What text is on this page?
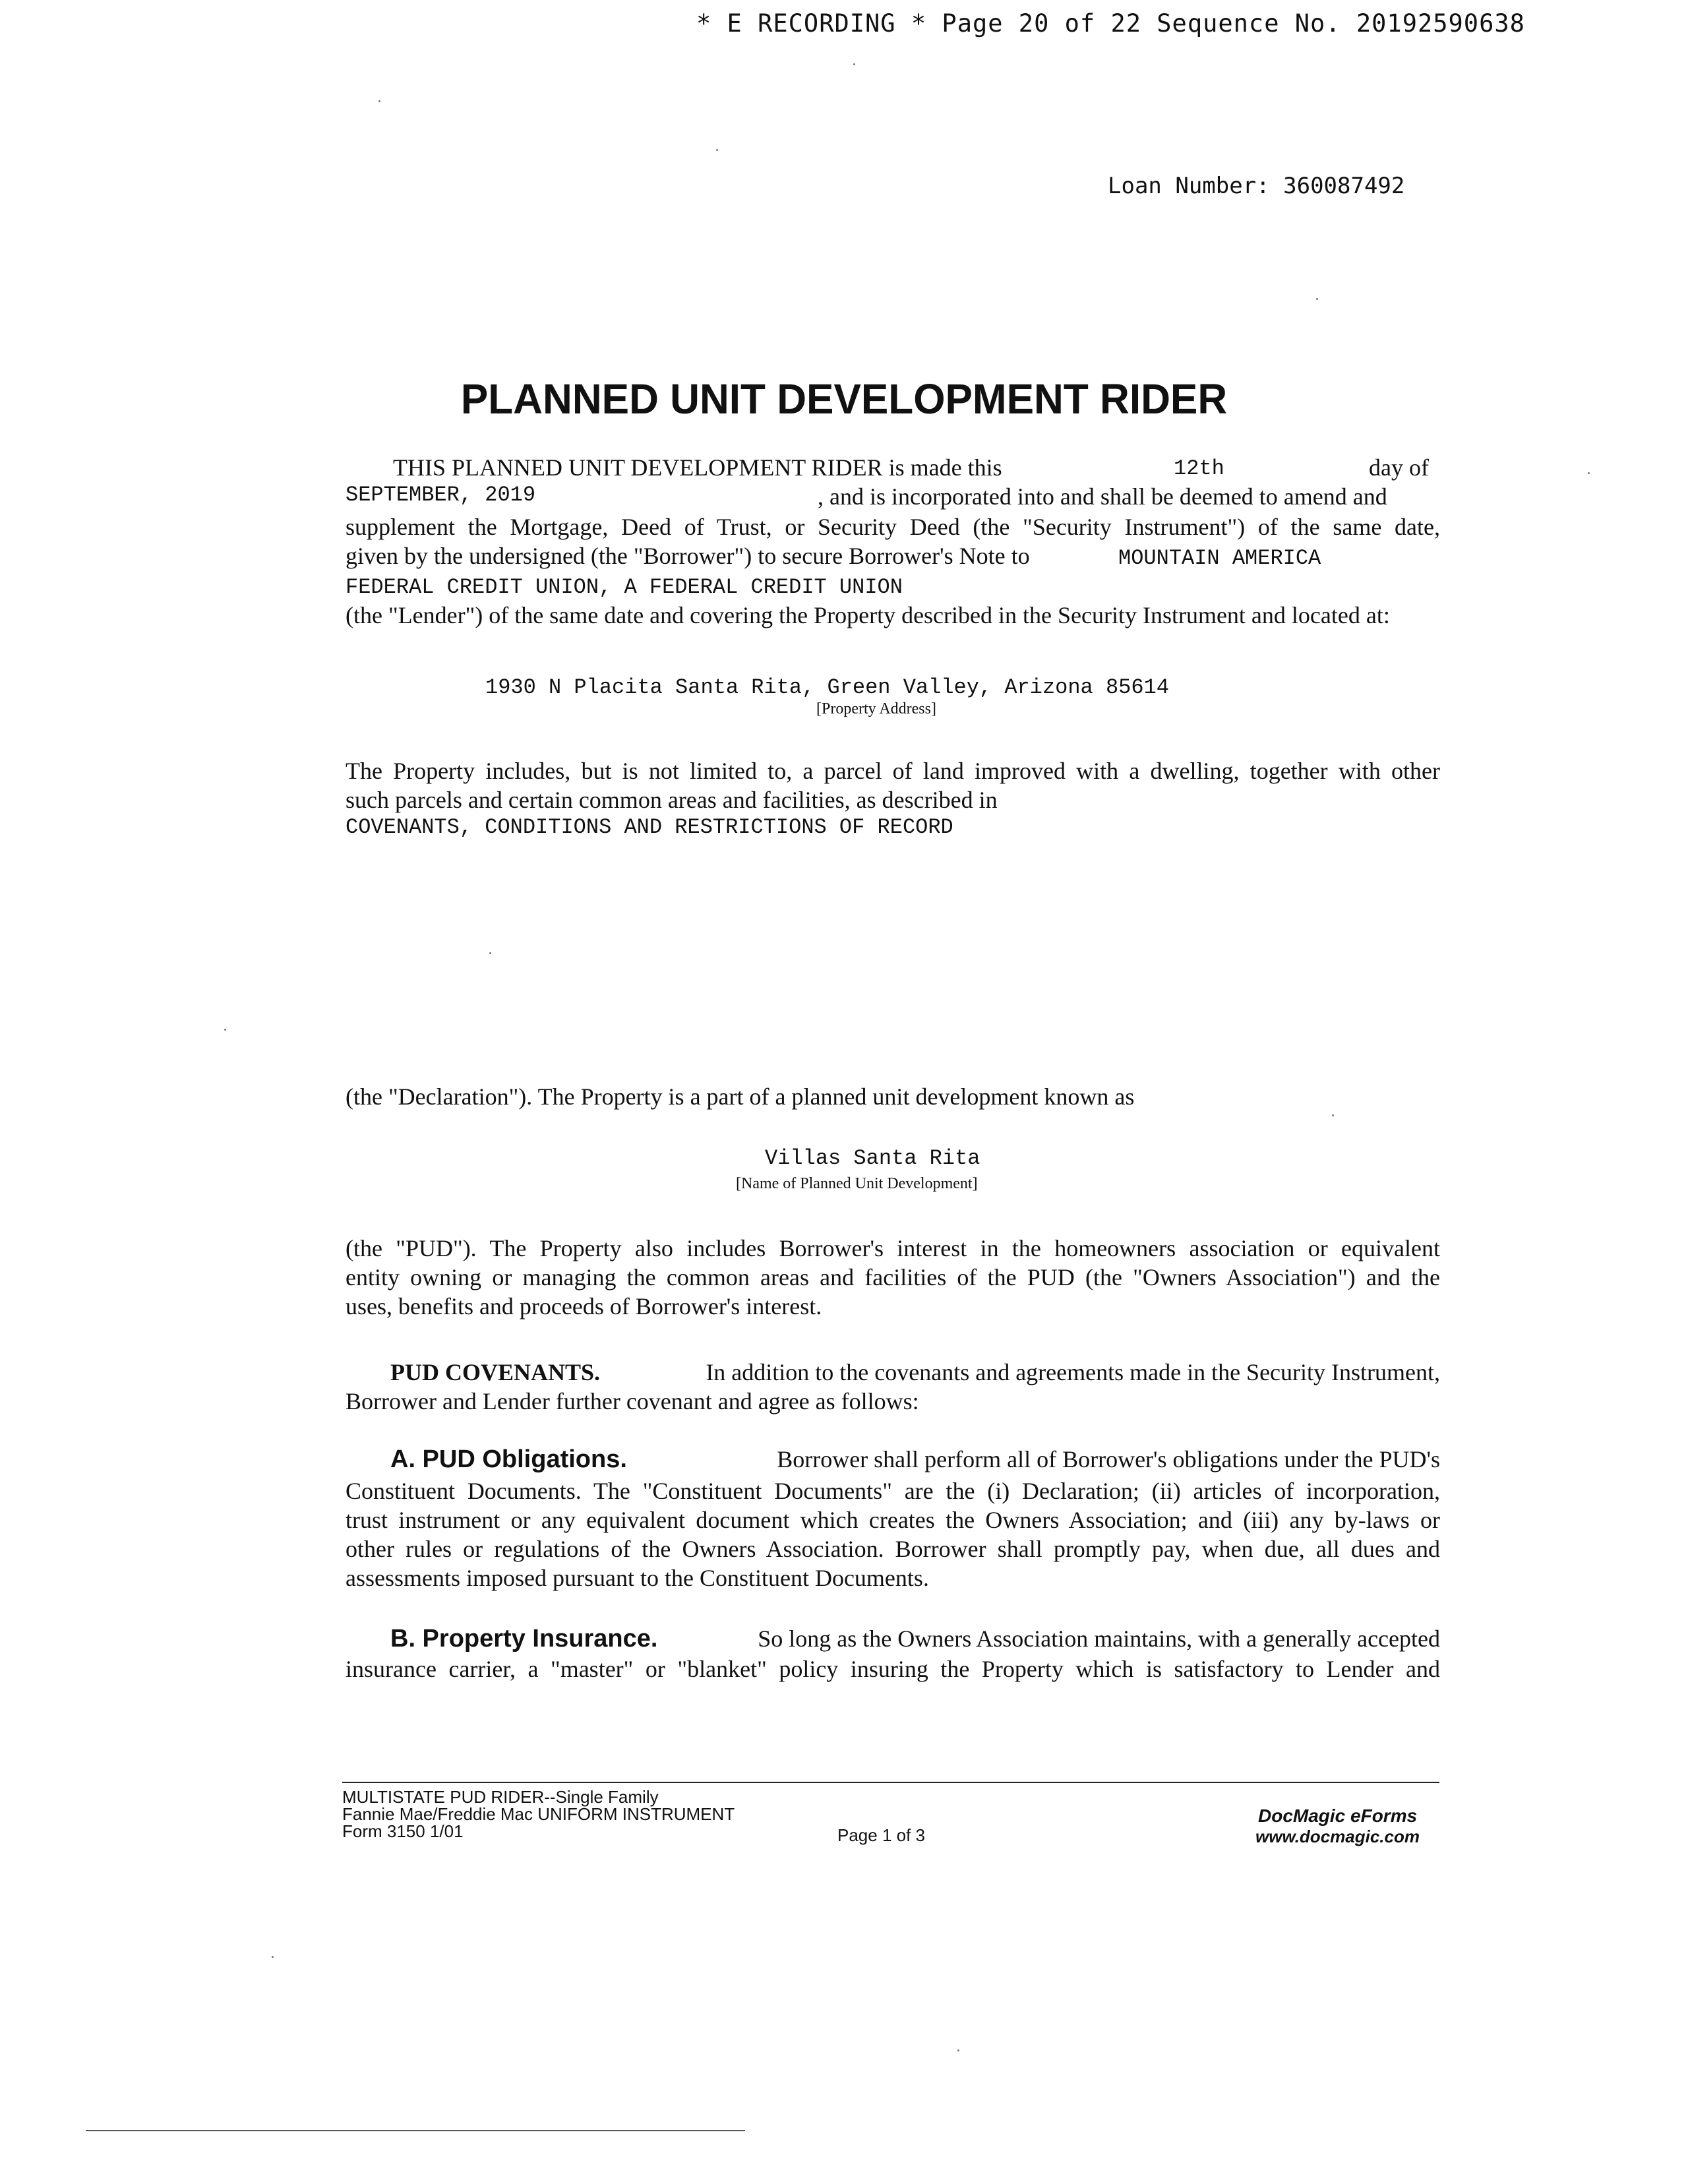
* E RECORDING * Page 20 of 22 Sequence No. 20192590638
Loan Number: 360087492
PLANNED UNIT DEVELOPMENT RIDER
THIS PLANNED UNIT DEVELOPMENT RIDER is made this	12th	day of
SEPTEMBER, 2019	, and is incorporated into and shall be deemed to amend and
supplement the Mortgage, Deed of Trust, or Security Deed (the "Security Instrument") of the same date,
given by the undersigned (the "Borrower") to secure Borrower's Note to	MOUNTAIN AMERICA
FEDERAL CREDIT UNION, A FEDERAL CREDIT UNION
(the "Lender") of the same date and covering the Property described in the Security Instrument and located at:
1930 N Placita Santa Rita, Green Valley, Arizona 85614
[Property Address]
The Property includes, but is not limited to, a parcel of land improved with a dwelling, together with other
such parcels and certain common areas and facilities, as described in
COVENANTS, CONDITIONS AND RESTRICTIONS OF RECORD
(the "Declaration"). The Property is a part of a planned unit development known as
Villas Santa Rita
[Name of Planned Unit Development]
(the "PUD"). The Property also includes Borrower's interest in the homeowners association or equivalent
entity owning or managing the common areas and facilities of the PUD (the "Owners Association") and the
uses, benefits and proceeds of Borrower's interest.
PUD COVENANTS.	In addition to the covenants and agreements made in the Security Instrument,
Borrower and Lender further covenant and agree as follows:
A. PUD Obligations.	Borrower shall perform all of Borrower's obligations under the PUD's
Constituent Documents. The "Constituent Documents" are the (i) Declaration; (ii) articles of incorporation,
trust instrument or any equivalent document which creates the Owners Association; and (iii) any by-laws or
other rules or regulations of the Owners Association. Borrower shall promptly pay, when due, all dues and
assessments imposed pursuant to the Constituent Documents.
B. Property Insurance.	So long as the Owners Association maintains, with a generally accepted
insurance carrier, a "master" or "blanket" policy insuring the Property which is satisfactory to Lender and
MULTISTATE PUD RIDER--Single Family
Fannie Mae/Freddie Mac UNIFORM INSTRUMENT
Form 3150 1/01	Page 1 of 3
DocMagic eForms
www.docmagic.com
